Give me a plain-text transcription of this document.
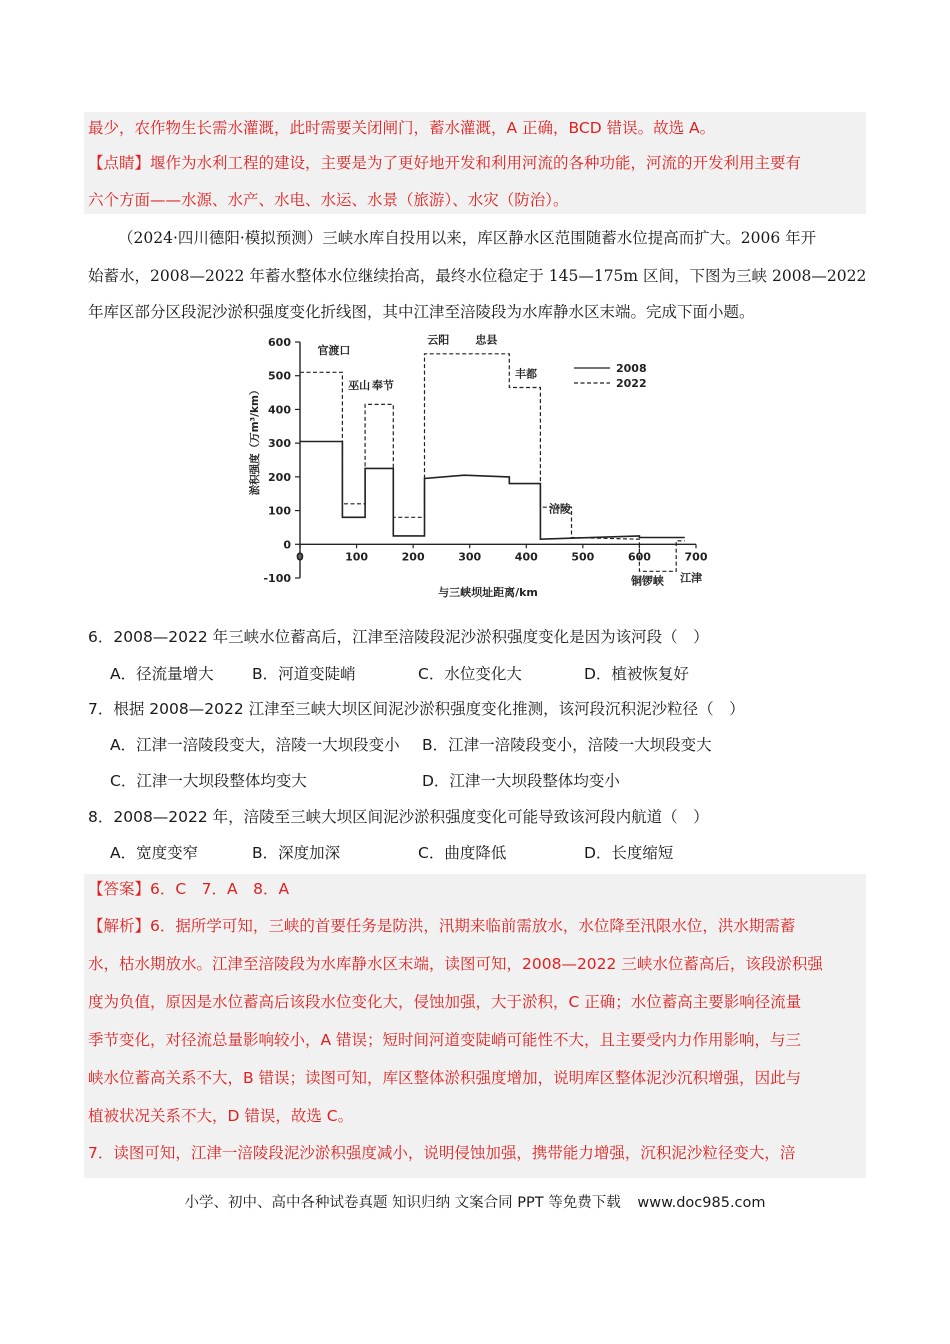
最少，农作物生长需水灌溉，此时需要关闭闸门，蓄水灌溉，A 正确，BCD 错误。故选 A。
【点睛】堰作为水利工程的建设，主要是为了更好地开发和利用河流的各种功能，河流的开发利用主要有
六个方面——水源、水产、水电、水运、水景（旅游）、水灾（防治）。
（2024·四川德阳·模拟预测）三峡水库自投用以来，库区静水区范围随蓄水位提高而扩大。2006 年开
始蓄水，2008—2022 年蓄水整体水位继续抬高，最终水位稳定于 145—175m 区间，下图为三峡 2008—2022
年库区部分区段泥沙淤积强度变化折线图，其中江津至涪陵段为水库静水区末端。完成下面小题。
600
500
400
300
200
100
0
-100
0	100	200	300	400	500	600	700
2008
2022
官渡口
巫山 奉节
云阳 忠县
丰都
涪陵
铜锣峡 江津
淤积强度（万m³/km）
与三峡坝址距离/km
6．2008—2022 年三峡水位蓄高后，江津至涪陵段泥沙淤积强度变化是因为该河段（　）
A．径流量增大 B．河道变陡峭	C．水位变化大	D．植被恢复好
7．根据 2008—2022 江津至三峡大坝区间泥沙淤积强度变化推测，该河段沉积泥沙粒径（　）
A．江津一涪陵段变大，涪陵一大坝段变小 B．江津一涪陵段变小，涪陵一大坝段变大
C．江津一大坝段整体均变大	D．江津一大坝段整体均变小
8．2008—2022 年，涪陵至三峡大坝区间泥沙淤积强度变化可能导致该河段内航道（　）
A．宽度变窄	B．深度加深	C．曲度降低	D．长度缩短
【答案】6．C　7．A　8．A
【解析】6．据所学可知，三峡的首要任务是防洪，汛期来临前需放水，水位降至汛限水位，洪水期需蓄
水，枯水期放水。江津至涪陵段为水库静水区末端，读图可知，2008—2022 三峡水位蓄高后，该段淤积强
度为负值，原因是水位蓄高后该段水位变化大，侵蚀加强，大于淤积，C 正确；水位蓄高主要影响径流量
季节变化，对径流总量影响较小，A 错误；短时间河道变陡峭可能性不大，且主要受内力作用影响，与三
峡水位蓄高关系不大，B 错误；读图可知，库区整体淤积强度增加，说明库区整体泥沙沉积增强，因此与
植被状况关系不大，D 错误，故选 C。
7．读图可知，江津一涪陵段泥沙淤积强度减小，说明侵蚀加强，携带能力增强，沉积泥沙粒径变大，涪
小学、初中、高中各种试卷真题 知识归纳 文案合同 PPT 等免费下载 www.doc985.com
